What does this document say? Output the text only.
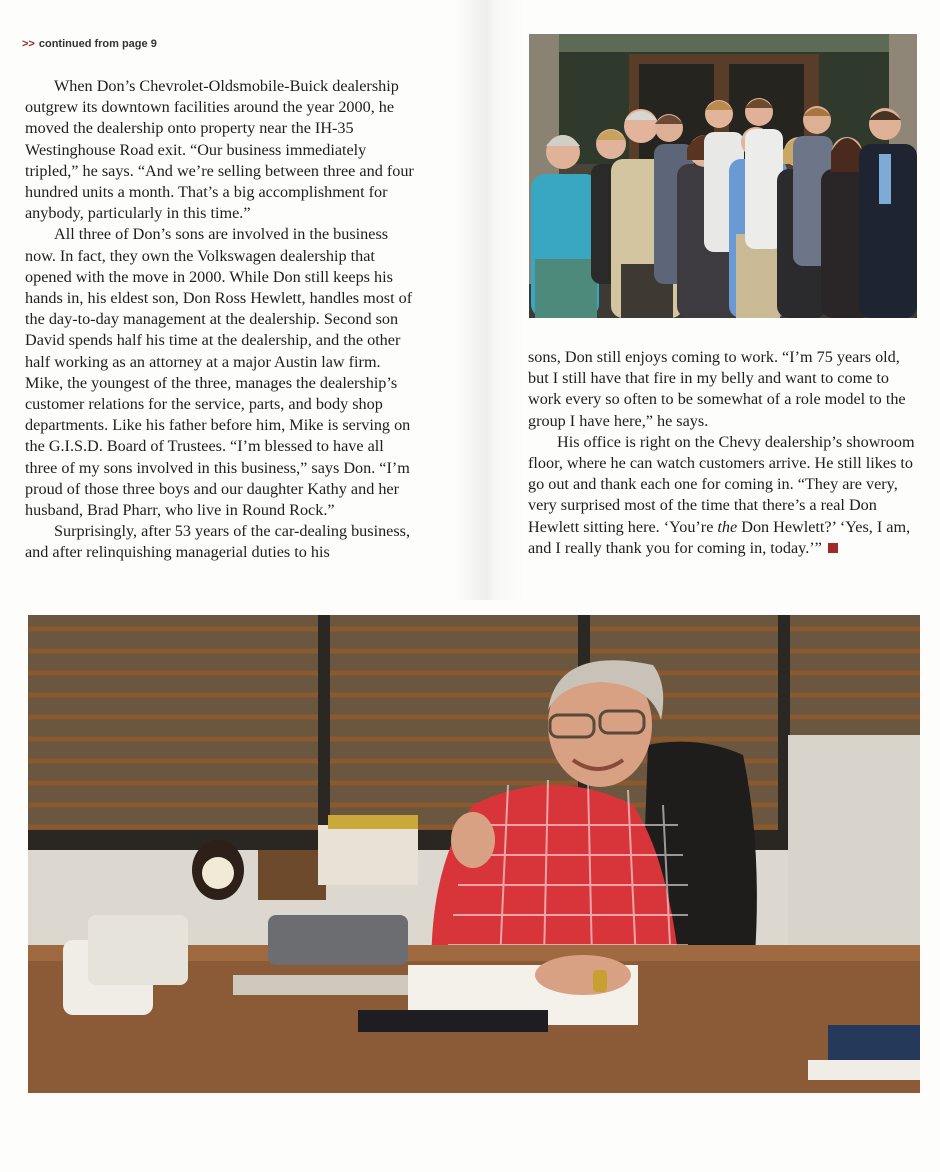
>> continued from page 9

When Don’s Chevrolet-Oldsmobile-Buick dealership outgrew its downtown facilities around the year 2000, he moved the dealership onto property near the IH-35 Westinghouse Road exit. “Our business immediately tripled,” he says. “And we’re selling between three and four hundred units a month. That’s a big accomplishment for anybody, particularly in this time.”

All three of Don’s sons are involved in the business now. In fact, they own the Volkswagen dealership that opened with the move in 2000. While Don still keeps his hands in, his eldest son, Don Ross Hewlett, handles most of the day-to-day management at the dealership. Second son David spends half his time at the dealership, and the other half working as an attorney at a major Austin law firm. Mike, the youngest of the three, manages the dealership’s customer relations for the service, parts, and body shop departments. Like his father before him, Mike is serving on the G.I.S.D. Board of Trustees. “I’m blessed to have all three of my sons involved in this business,” says Don. “I’m proud of those three boys and our daughter Kathy and her husband, Brad Pharr, who live in Round Rock.”

Surprisingly, after 53 years of the car-dealing business, and after relinquishing managerial duties to his

sons, Don still enjoys coming to work. “I’m 75 years old, but I still have that fire in my belly and want to come to work every so often to be somewhat of a role model to the group I have here,” he says.

His office is right on the Chevy dealership’s showroom floor, where he can watch customers arrive. He still likes to go out and thank each one for coming in. “They are very, very surprised most of the time that there’s a real Don Hewlett sitting here. ‘You’re the Don Hewlett?’ ‘Yes, I am, and I really thank you for coming in, today.’”
